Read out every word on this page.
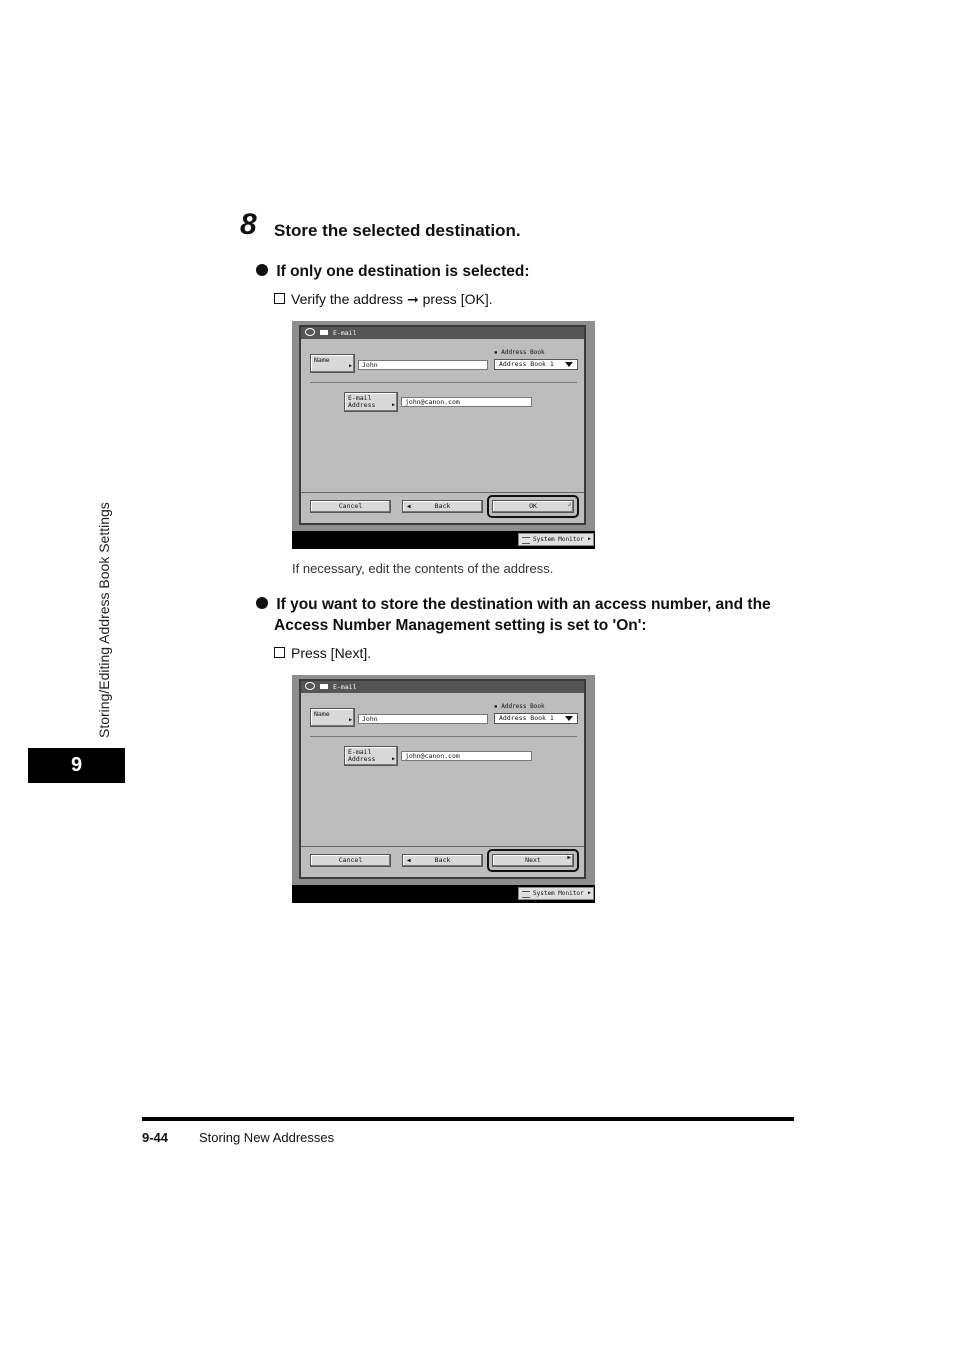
8 Store the selected destination.
If only one destination is selected:
Verify the address ➞ press [OK].
E-mail
Name
▶	John
▪ Address Book
Address Book 1
E-mail
Address	▶	john@canon.com
Cancel	◀	Back	OK	↲
System Monitor ▶
If necessary, edit the contents of the address.
If you want to store the destination with an access number, and the
Access Number Management setting is set to 'On':
Press [Next].
E-mail
Name
▶	John
▪ Address Book
Address Book 1
E-mail
Address	▶	john@canon.com
Cancel	◀	Back	Next	▶
System Monitor ▶
Storing/Editing Address Book Settings
9
9-44 Storing New Addresses
